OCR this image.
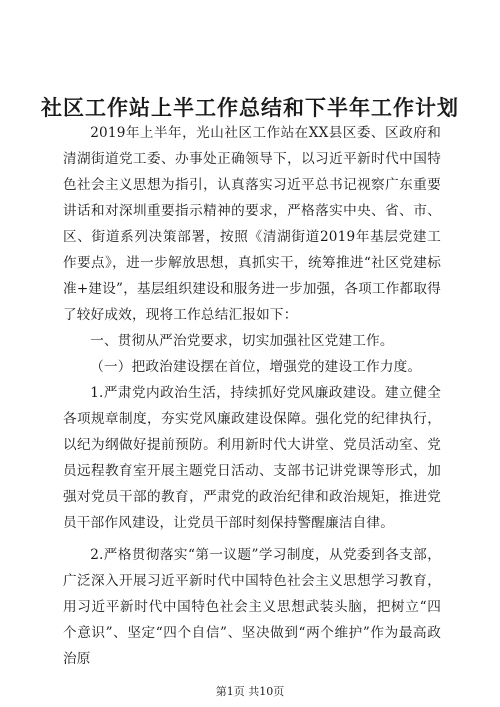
社区工作站上半工作总结和下半年工作计划

2019年上半年，光山社区工作站在XX县区委、区政府和清湖街道党工委、办事处正确领导下，以习近平新时代中国特色社会主义思想为指引，认真落实习近平总书记视察广东重要讲话和对深圳重要指示精神的要求，严格落实中央、省、市、区、街道系列决策部署，按照《清湖街道2019年基层党建工作要点》，进一步解放思想，真抓实干，统筹推进“社区党建标准+建设”，基层组织建设和服务进一步加强，各项工作都取得了较好成效，现将工作总结汇报如下：

一、贯彻从严治党要求，切实加强社区党建工作。

（一）把政治建设摆在首位，增强党的建设工作力度。

1.严肃党内政治生活，持续抓好党风廉政建设。建立健全各项规章制度，夯实党风廉政建设保障。强化党的纪律执行，以纪为纲做好提前预防。利用新时代大讲堂、党员活动室、党员远程教育室开展主题党日活动、支部书记讲党课等形式，加强对党员干部的教育，严肃党的政治纪律和政治规矩，推进党员干部作风建设，让党员干部时刻保持警醒廉洁自律。

2.严格贯彻落实“第一议题”学习制度，从党委到各支部，广泛深入开展习近平新时代中国特色社会主义思想学习教育，用习近平新时代中国特色社会主义思想武装头脑，把树立“四个意识”、坚定“四个自信”、坚决做到“两个维护”作为最高政治原

第1页 共10页
